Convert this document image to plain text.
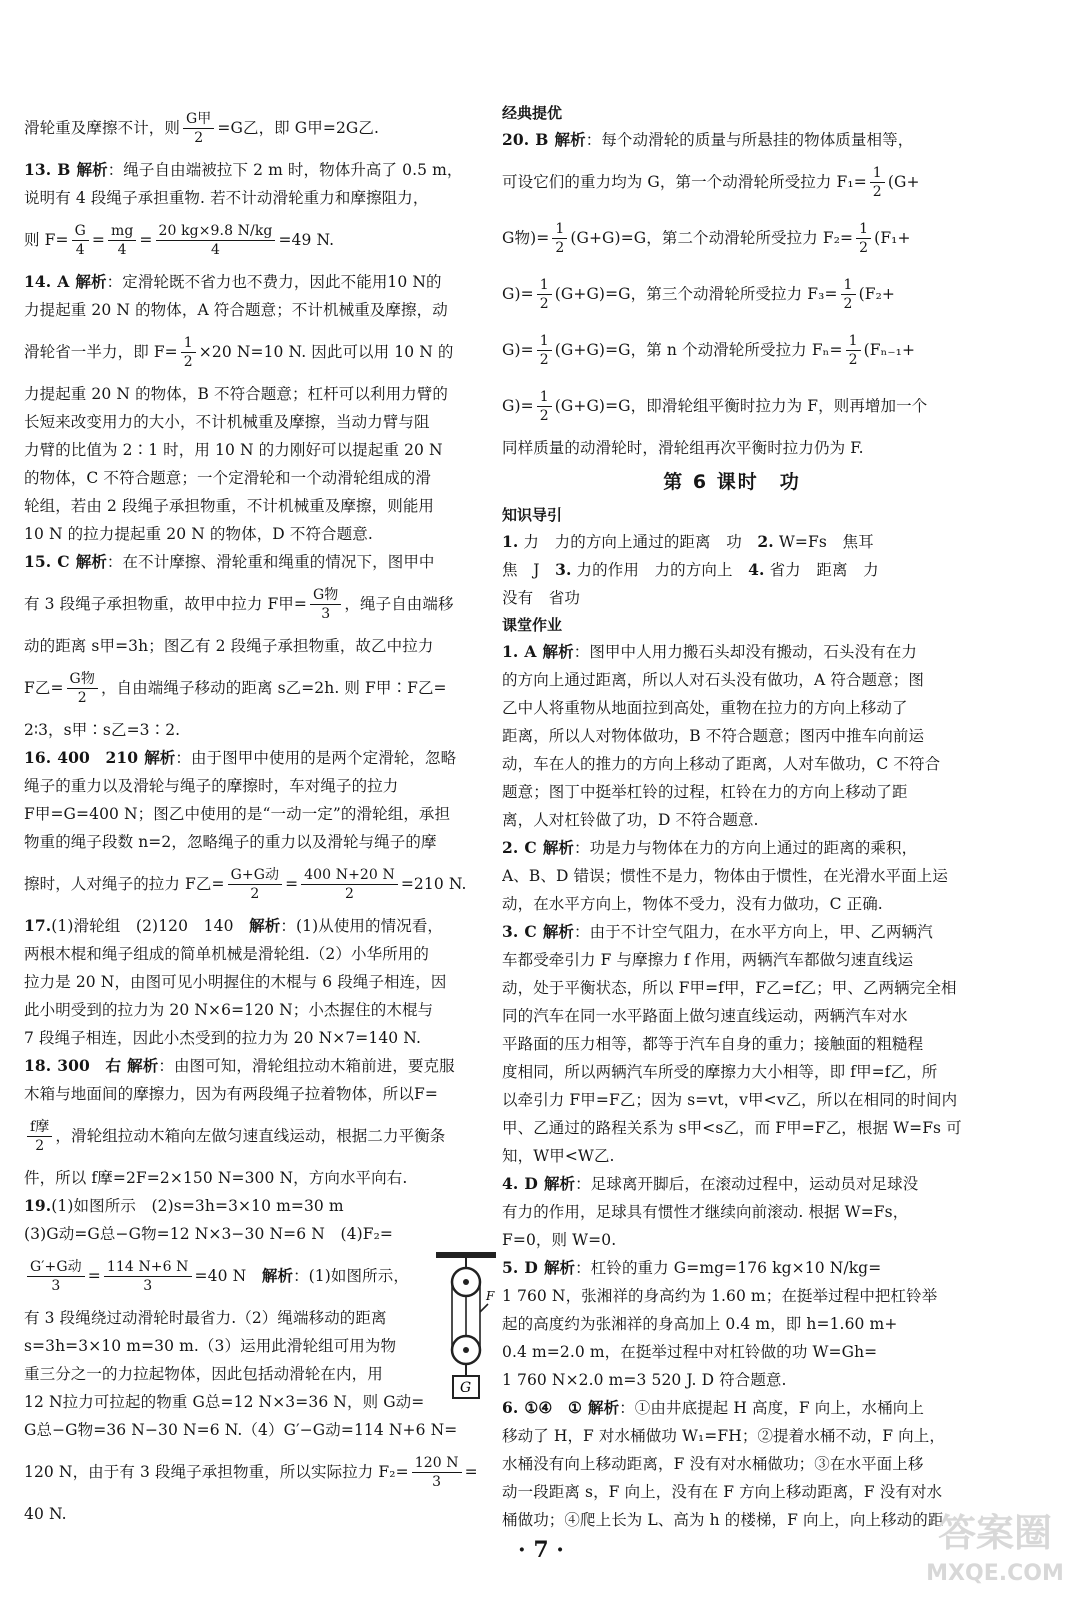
滑轮重及摩擦不计，则 $\frac{\text{G甲}}{2} =G$乙，即 G甲=2G乙.
13. B 解析 ：绳子自由端被拉下 2 m 时，物体升高了 0.5 m，
说明有 4 段绳子承担重物. 若不计动滑轮重力和摩擦阻力，
则 $F= \frac{G}{4} = \frac{mg}{4} = \frac{20 kg\times 9.8 N/kg}{4} =49$ N.
14. A 解析 ：定滑轮既不省力也不费力，因此不能用10 N的
力提起重 20 N 的物体，A 符合题意；不计机械重及摩擦，动
滑轮省一半力，即 $F= \frac{1}{2} \times 20$ N=10 N. 因此可以用 10 N 的
力提起重 20 N 的物体，B 不符合题意；杠杆可以利用力臂的
长短来改变用力的大小，不计机械重及摩擦，当动力臂与阻
力臂的比值为 2∶1 时，用 10 N 的力刚好可以提起重 20 N
的物体，C 不符合题意；一个定滑轮和一个动滑轮组成的滑
轮组，若由 2 段绳子承担物重，不计机械重及摩擦，则能用
10 N 的拉力提起重 20 N 的物体，D 不符合题意.
15. C 解析 ：在不计摩擦、滑轮重和绳重的情况下，图甲中
有 3 段绳子承担物重，故甲中拉力 F甲= $\frac{\text{G物}}{3}$ ，绳子自由端移
动的距离 s甲=3h；图乙有 2 段绳子承担物重，故乙中拉力
F乙= $\frac{\text{G物}}{2}$ ，自由端绳子移动的距离 s乙=2h. 则 F甲∶F乙=
2∶3，s甲∶s乙=3∶2.
16. 400　210 解析 ：由于图甲中使用的是两个定滑轮，忽略
绳子的重力以及滑轮与绳子的摩擦时，车对绳子的拉力
F甲=G=400 N；图乙中使用的是“一动一定”的滑轮组，承担
物重的绳子段数 n=2，忽略绳子的重力以及滑轮与绳子的摩
擦时，人对绳子的拉力 F乙= $\frac{\text{G+G动}}{2} = \frac{400 N+20 N}{2} =210$ N.
17. (1)滑轮组　(2)120　140　 解析 ：(1)从使用的情况看，
两根木棍和绳子组成的简单机械是滑轮组.（2）小华所用的
拉力是 20 N，由图可见小明握住的木棍与 6 段绳子相连，因
此小明受到的拉力为 20 N×6=120 N；小杰握住的木棍与
7 段绳子相连，因此小杰受到的拉力为 20 N×7=140 N.
18. 300　右 解析 ：由图可知，滑轮组拉动木箱前进，要克服
木箱与地面间的摩擦力，因为有两段绳子拉着物体，所以F=
$\frac{\text{f摩}}{2}$ ，滑轮组拉动木箱向左做匀速直线运动，根据二力平衡条
件，所以 f摩=2F=2×150 N=300 N，方向水平向右.
19. (1)如图所示　(2)s=3h=3×10 m=30 m
(3)G动=G总−G物=12 N×3−30 N=6 N　(4)F₂=
$\frac{\text{G′+G动}}{3} = \frac{114 N+6 N}{3} =40$ N　 解析 ：(1)如图所示，
有 3 段绳绕过动滑轮时最省力.（2）绳端移动的距离
s=3h=3×10 m=30 m.（3）运用此滑轮组可用为物
重三分之一的力拉起物体，因此包括动滑轮在内，用
12 N拉力可拉起的物重 G总=12 N×3=36 N，则 G动=
G总−G物=36 N−30 N=6 N.（4）G′−G动=114 N+6 N=
120 N，由于有 3 段绳子承担物重，所以实际拉力 $F_2= \frac{120 N}{3}$ =
40 N.
经典提优
20. B 解析 ：每个动滑轮的质量与所悬挂的物体质量相等，
可设它们的重力均为 G，第一个动滑轮所受拉力 $F_1= \frac{1}{2} (G+$
G物)= $\frac{1}{2} (G+G)=G$，第二个动滑轮所受拉力 $F_2= \frac{1}{2} (F_1+$
$G)= \frac{1}{2} (G+G)=G$，第三个动滑轮所受拉力 $F_3= \frac{1}{2} (F_2+$
$G)= \frac{1}{2} (G+G)=G$，第 n 个动滑轮所受拉力 $F_n= \frac{1}{2} (F_{n-1}+$
$G)= \frac{1}{2} (G+G)=G$，即滑轮组平衡时拉力为 F，则再增加一个
同样质量的动滑轮时，滑轮组再次平衡时拉力仍为 F.
第 6 课时　功
知识导引
1. 力　力的方向上通过的距离　功　 2. W=Fs　焦耳
焦　J　 3. 力的作用　力的方向上　 4. 省力　距离　力
没有　省功
课堂作业
1. A 解析 ：图甲中人用力搬石头却没有搬动，石头没有在力
的方向上通过距离，所以人对石头没有做功，A 符合题意；图
乙中人将重物从地面拉到高处，重物在拉力的方向上移动了
距离，所以人对物体做功，B 不符合题意；图丙中推车向前运
动，车在人的推力的方向上移动了距离，人对车做功，C 不符合
题意；图丁中挺举杠铃的过程，杠铃在力的方向上移动了距
离，人对杠铃做了功，D 不符合题意.
2. C 解析 ：功是力与物体在力的方向上通过的距离的乘积，
A、B、D 错误；惯性不是力，物体由于惯性，在光滑水平面上运
动，在水平方向上，物体不受力，没有力做功，C 正确.
3. C 解析 ：由于不计空气阻力，在水平方向上，甲、乙两辆汽
车都受牵引力 F 与摩擦力 f 作用，两辆汽车都做匀速直线运
动，处于平衡状态，所以 F甲=f甲，F乙=f乙；甲、乙两辆完全相
同的汽车在同一水平路面上做匀速直线运动，两辆汽车对水
平路面的压力相等，都等于汽车自身的重力；接触面的粗糙程
度相同，所以两辆汽车所受的摩擦力大小相等，即 f甲=f乙，所
以牵引力 F甲=F乙；因为 s=vt，v甲<v乙，所以在相同的时间内
甲、乙通过的路程关系为 s甲<s乙，而 F甲=F乙，根据 W=Fs 可
知，W甲<W乙.
4. D 解析 ：足球离开脚后，在滚动过程中，运动员对足球没
有力的作用，足球具有惯性才继续向前滚动. 根据 W=Fs，
F=0，则 W=0.
5. D 解析 ：杠铃的重力 G=mg=176 kg×10 N/kg=
1 760 N，张湘祥的身高约为 1.60 m；在挺举过程中把杠铃举
起的高度约为张湘祥的身高加上 0.4 m，即 h=1.60 m+
0.4 m=2.0 m，在挺举过程中对杠铃做的功 W=Gh=
1 760 N×2.0 m=3 520 J. D 符合题意.
6. ①④　① 解析 ：①由井底提起 H 高度，F 向上，水桶向上
移动了 H，F 对水桶做功 W₁=FH；②提着水桶不动，F 向上，
水桶没有向上移动距离，F 没有对水桶做功；③在水平面上移
动一段距离 s，F 向上，没有在 F 方向上移动距离，F 没有对水
桶做功；④爬上长为 L、高为 h 的楼梯，F 向上，向上移动的距
F
G
· 7 ·	答案圈
MXQE.COM
